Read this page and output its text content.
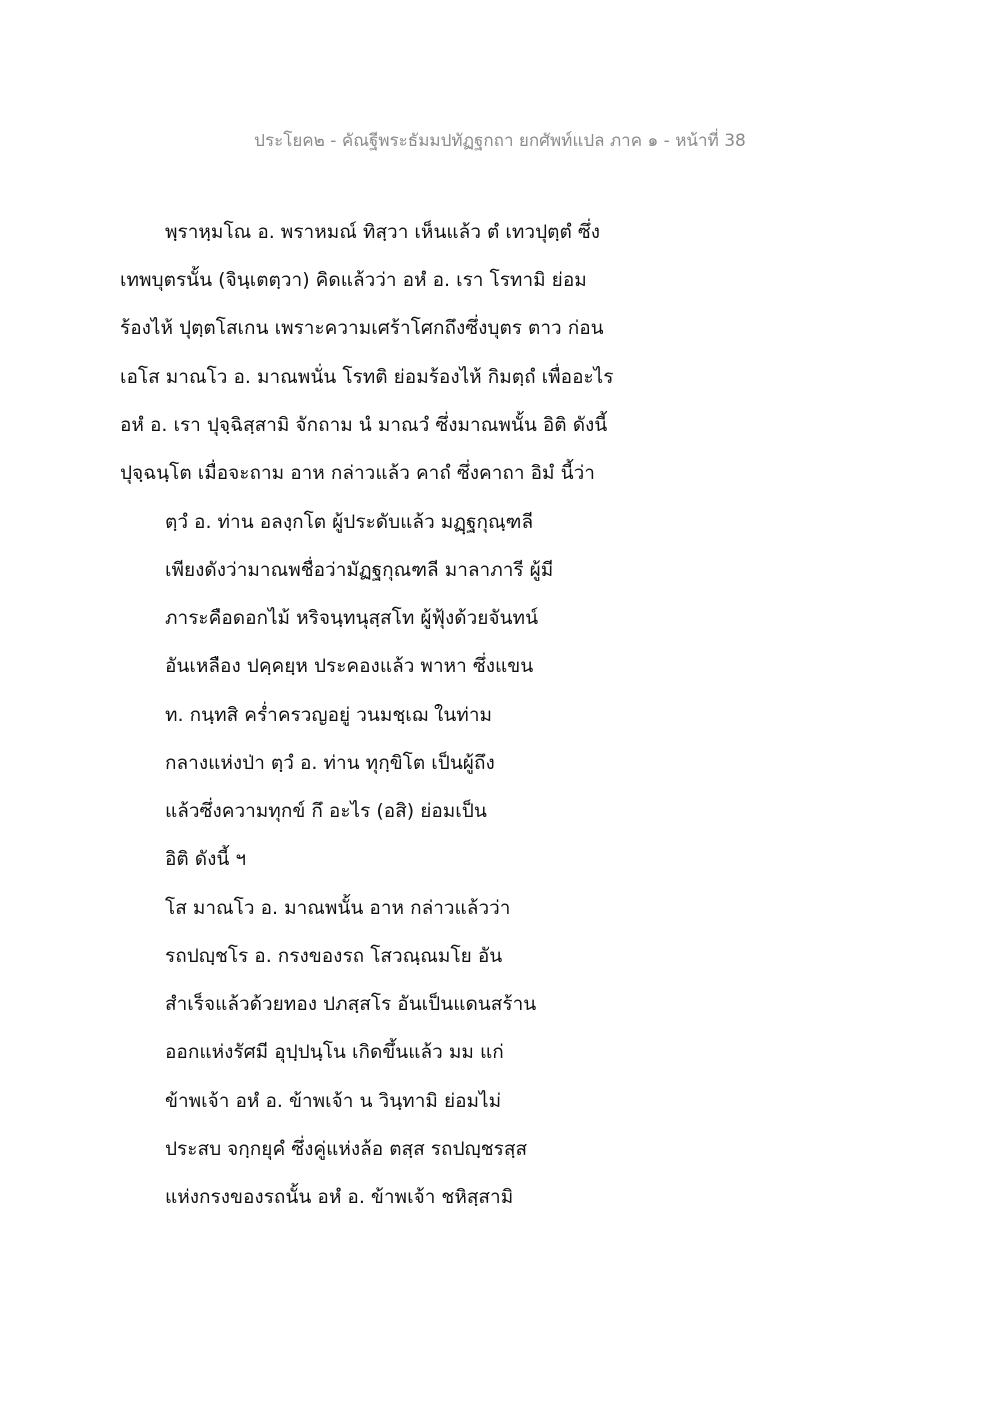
ประโยค๒ - คัณฐีพระธัมมปทัฏฐกถา ยกศัพท์แปล ภาค ๑ - หน้าที่ 38
พฺราหฺมโณ อ. พราหมณ์ ทิสฺวา เห็นแล้ว ตํ เทวปุตฺตํ ซึ่ง
เทพบุตรนั้น (จินฺเตตฺวา) คิดแล้วว่า อหํ อ. เรา โรทามิ ย่อม
ร้องไห้ ปุตฺตโสเกน เพราะความเศร้าโศกถึงซึ่งบุตร ตาว ก่อน
เอโส มาณโว อ. มาณพนั่น โรทติ ย่อมร้องไห้ กิมตฺถํ เพื่ออะไร
อหํ อ. เรา ปุจฺฉิสฺสามิ จักถาม นํ มาณวํ ซึ่งมาณพนั้น อิติ ดังนี้
ปุจฺฉนฺโต เมื่อจะถาม อาห กล่าวแล้ว คาถํ ซึ่งคาถา อิมํ นี้ว่า
ตฺวํ อ. ท่าน อลงฺกโต ผู้ประดับแล้ว มฏฺฐกุณฺฑลี
เพียงดังว่ามาณพชื่อว่ามัฏฐกุณฑลี มาลาภารี ผู้มี
ภาระคือดอกไม้ หริจนฺทนุสฺสโท ผู้ฟุ้งด้วยจันทน์
อันเหลือง ปคฺคยฺห ประคองแล้ว พาหา ซึ่งแขน
ท. กนฺทสิ คร่ำครวญอยู่ วนมชฺเฌ ในท่าม
กลางแห่งป่า ตฺวํ อ. ท่าน ทุกฺขิโต เป็นผู้ถึง
แล้วซึ่งความทุกข์ กึ อะไร (อสิ) ย่อมเป็น
อิติ ดังนี้ ฯ
โส มาณโว อ. มาณพนั้น อาห กล่าวแล้วว่า
รถปญฺชโร อ. กรงของรถ โสวณฺณมโย อัน
สำเร็จแล้วด้วยทอง ปภสฺสโร อันเป็นแดนสร้าน
ออกแห่งรัศมี อุปฺปนฺโน เกิดขึ้นแล้ว มม แก่
ข้าพเจ้า อหํ อ. ข้าพเจ้า น วินฺทามิ ย่อมไม่
ประสบ จกฺกยุคํ ซึ่งคู่แห่งล้อ ตสฺส รถปญฺชรสฺส
แห่งกรงของรถนั้น อหํ อ. ข้าพเจ้า ชหิสฺสามิ
